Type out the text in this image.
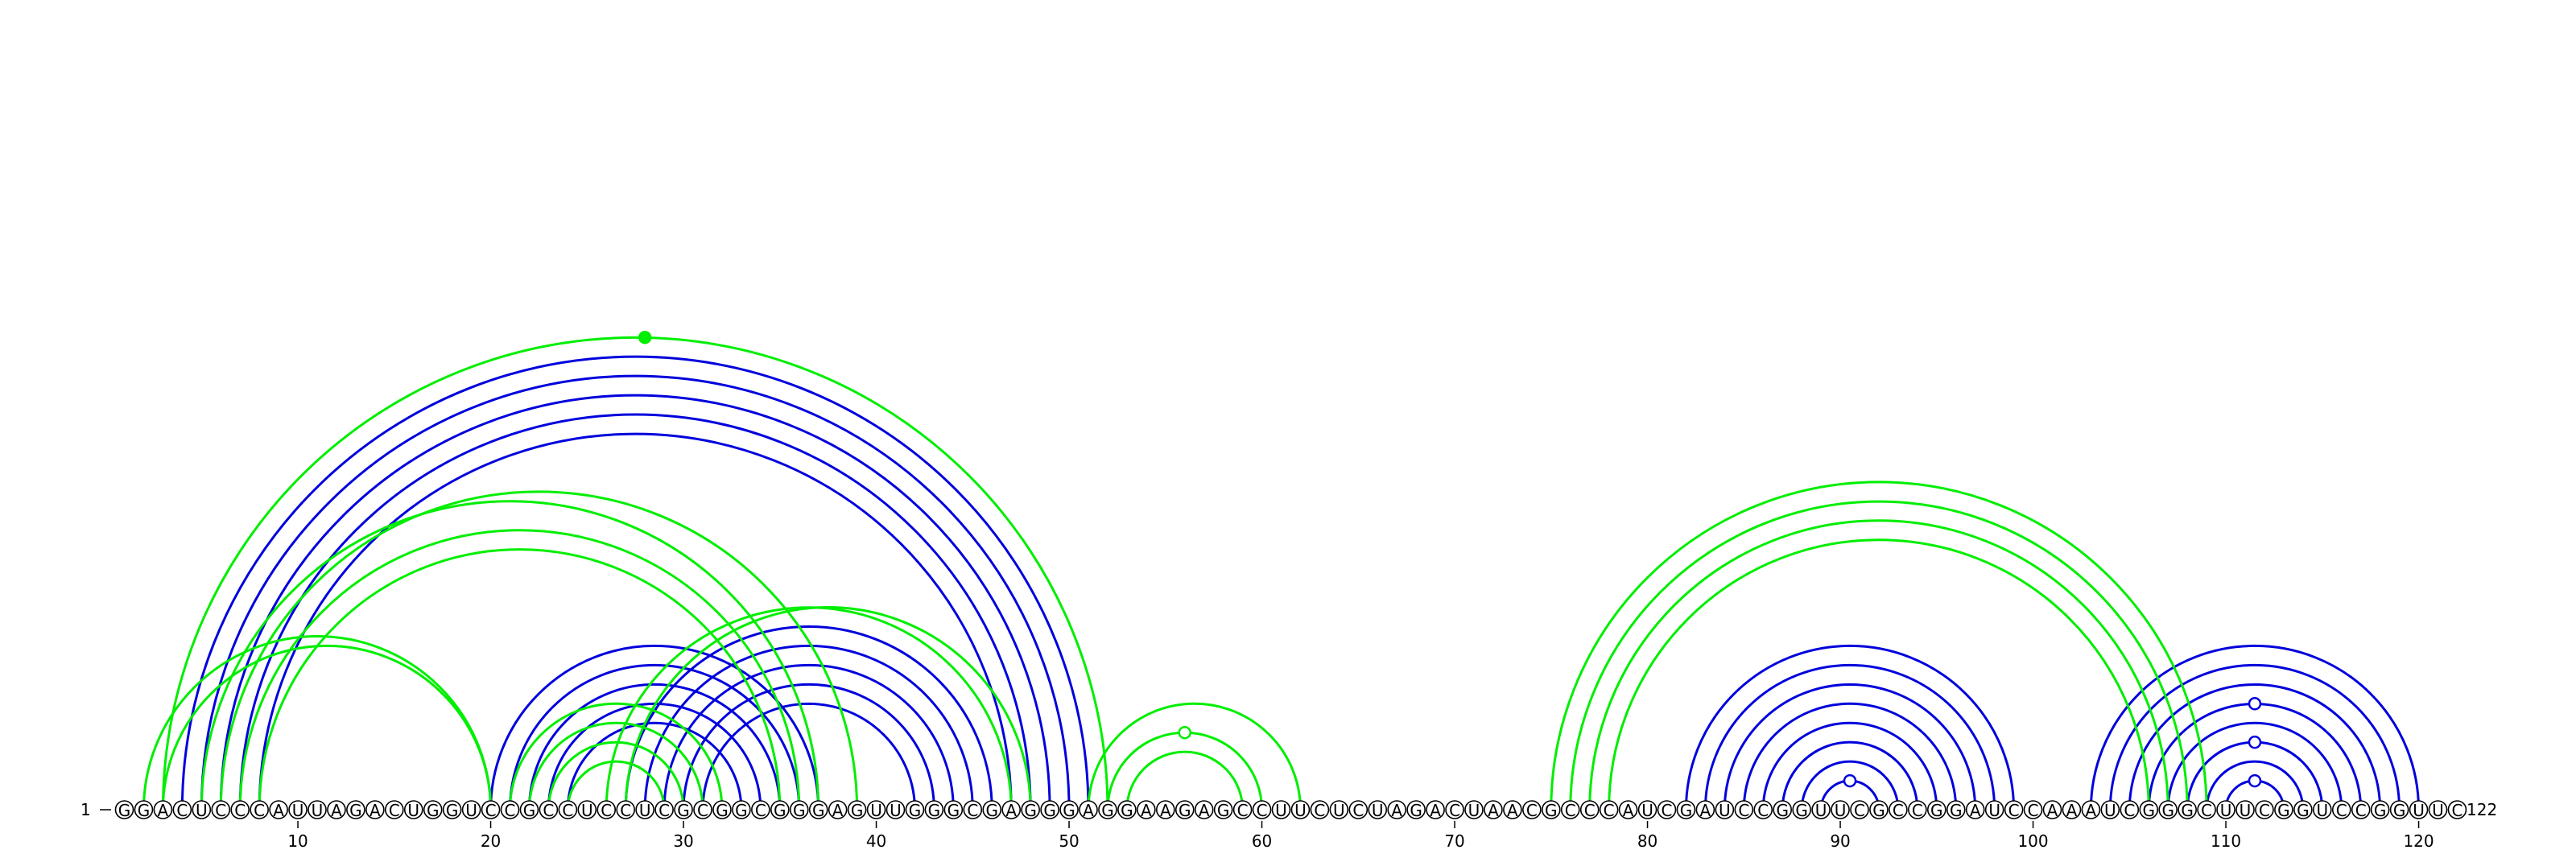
1	122
G G A C U C C C A U U A G A C U G G U C C G C C U C C U C G C G G C G G G A G U U G G G C G A G G G A G G A A G A G C C U U C U C U A G A C U A A C G C C C A U C G A U C C G G U U C G C C G G A U C C A A A U C G G G C U U C G G U C C G G U U C
10	20	30	40	50	60	70	80	90	100	110	120
